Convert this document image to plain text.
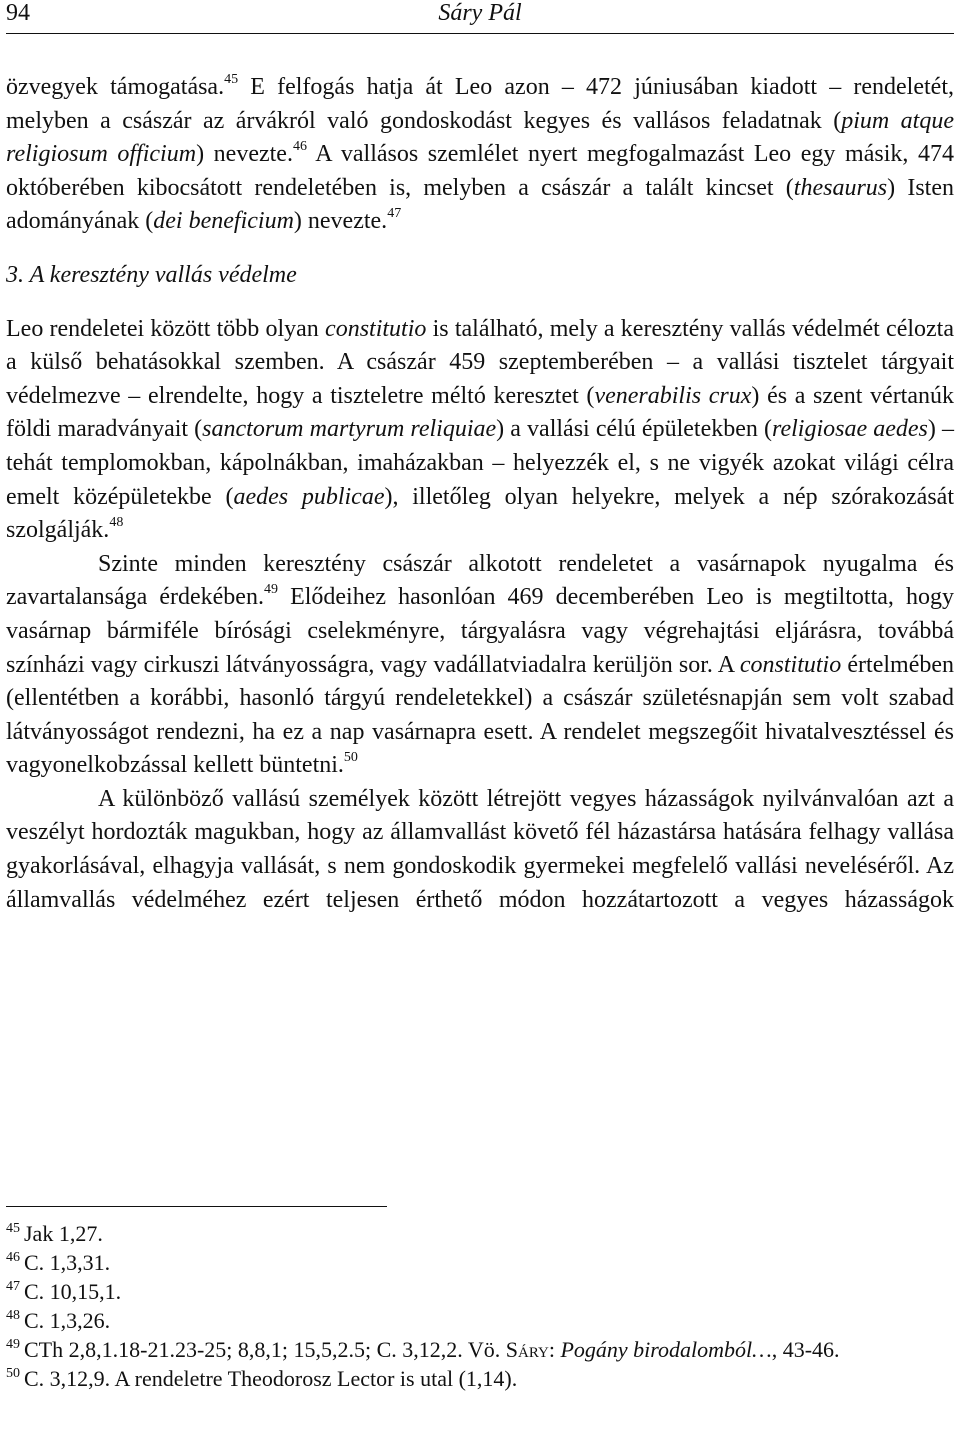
94	Sáry Pál

özvegyek támogatása.$^{45}$ E felfogás hatja át Leo azon – 472 júniusában kiadott – rendeletét, melyben a császár az árvákról való gondoskodást kegyes és vallásos feladatnak (pium atque religiosum officium) nevezte.$^{46}$ A vallásos szemlélet nyert megfogalmazást Leo egy másik, 474 októberében kibocsátott rendeletében is, melyben a császár a talált kincset (thesaurus) Isten adományának (dei beneficium) nevezte.$^{47}$

3. A keresztény vallás védelme

Leo rendeletei között több olyan constitutio is található, mely a keresztény vallás védelmét célozta a külső behatásokkal szemben. A császár 459 szeptemberében – a vallási tisztelet tárgyait védelmezve – elrendelte, hogy a tiszteletre méltó keresztet (venerabilis crux) és a szent vértanúk földi maradványait (sanctorum martyrum reliquiae) a vallási célú épületekben (religiosae aedes) – tehát templomokban, kápolnákban, imaházakban – helyezzék el, s ne vigyék azokat világi célra emelt középületekbe (aedes publicae), illetőleg olyan helyekre, melyek a nép szórakozását szolgálják.$^{48}$

Szinte minden keresztény császár alkotott rendeletet a vasárnapok nyugalma és zavartalansága érdekében.$^{49}$ Elődeihez hasonlóan 469 decemberében Leo is megtiltotta, hogy vasárnap bármiféle bírósági cselekményre, tárgyalásra vagy végrehajtási eljárásra, továbbá színházi vagy cirkuszi látványosságra, vagy vadállatviadalra kerüljön sor. A constitutio értelmében (ellentétben a korábbi, hasonló tárgyú rendeletekkel) a császár születésnapján sem volt szabad látványosságot rendezni, ha ez a nap vasárnapra esett. A rendelet megszegőit hivatalvesztéssel és vagyonelkobzással kellett büntetni.$^{50}$

A különböző vallású személyek között létrejött vegyes házasságok nyilvánvalóan azt a veszélyt hordozták magukban, hogy az államvallást követő fél házastársa hatására felhagy vallása gyakorlásával, elhagyja vallását, s nem gondoskodik gyermekei megfelelő vallási neveléséről. Az államvallás védelméhez ezért teljesen érthető módon hozzátartozott a vegyes házasságok

$^{45}$ Jak 1,27.

$^{46}$ C. 1,3,31.

$^{47}$ C. 10,15,1.

$^{48}$ C. 1,3,26.

$^{49}$ CTh 2,8,1.18-21.23-25; 8,8,1; 15,5,2.5; C. 3,12,2. Vö. Sáry: Pogány birodalomból…, 43-46.

$^{50}$ C. 3,12,9. A rendeletre Theodorosz Lector is utal (1,14).
